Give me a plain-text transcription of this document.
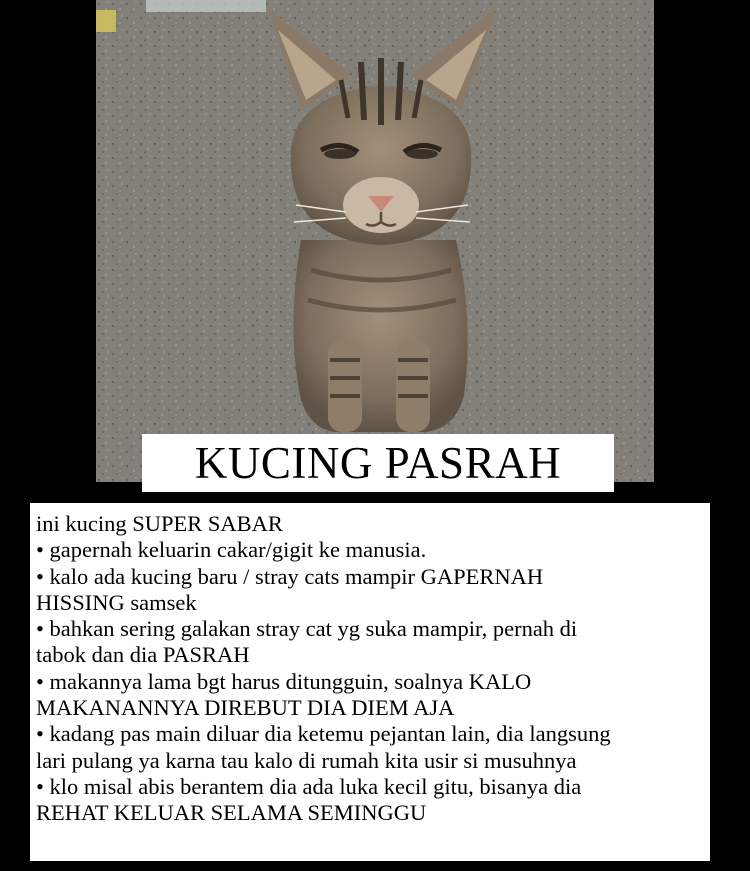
KUCING PASRAH

ini kucing SUPER SABAR

• gapernah keluarin cakar/gigit ke manusia.

• kalo ada kucing baru / stray cats mampir GAPERNAH

HISSING samsek

• bahkan sering galakan stray cat yg suka mampir, pernah di

tabok dan dia PASRAH

• makannya lama bgt harus ditungguin, soalnya KALO

MAKANANNYA DIREBUT DIA DIEM AJA

• kadang pas main diluar dia ketemu pejantan lain, dia langsung

lari pulang ya karna tau kalo di rumah kita usir si musuhnya

• klo misal abis berantem dia ada luka kecil gitu, bisanya dia

REHAT KELUAR SELAMA SEMINGGU
